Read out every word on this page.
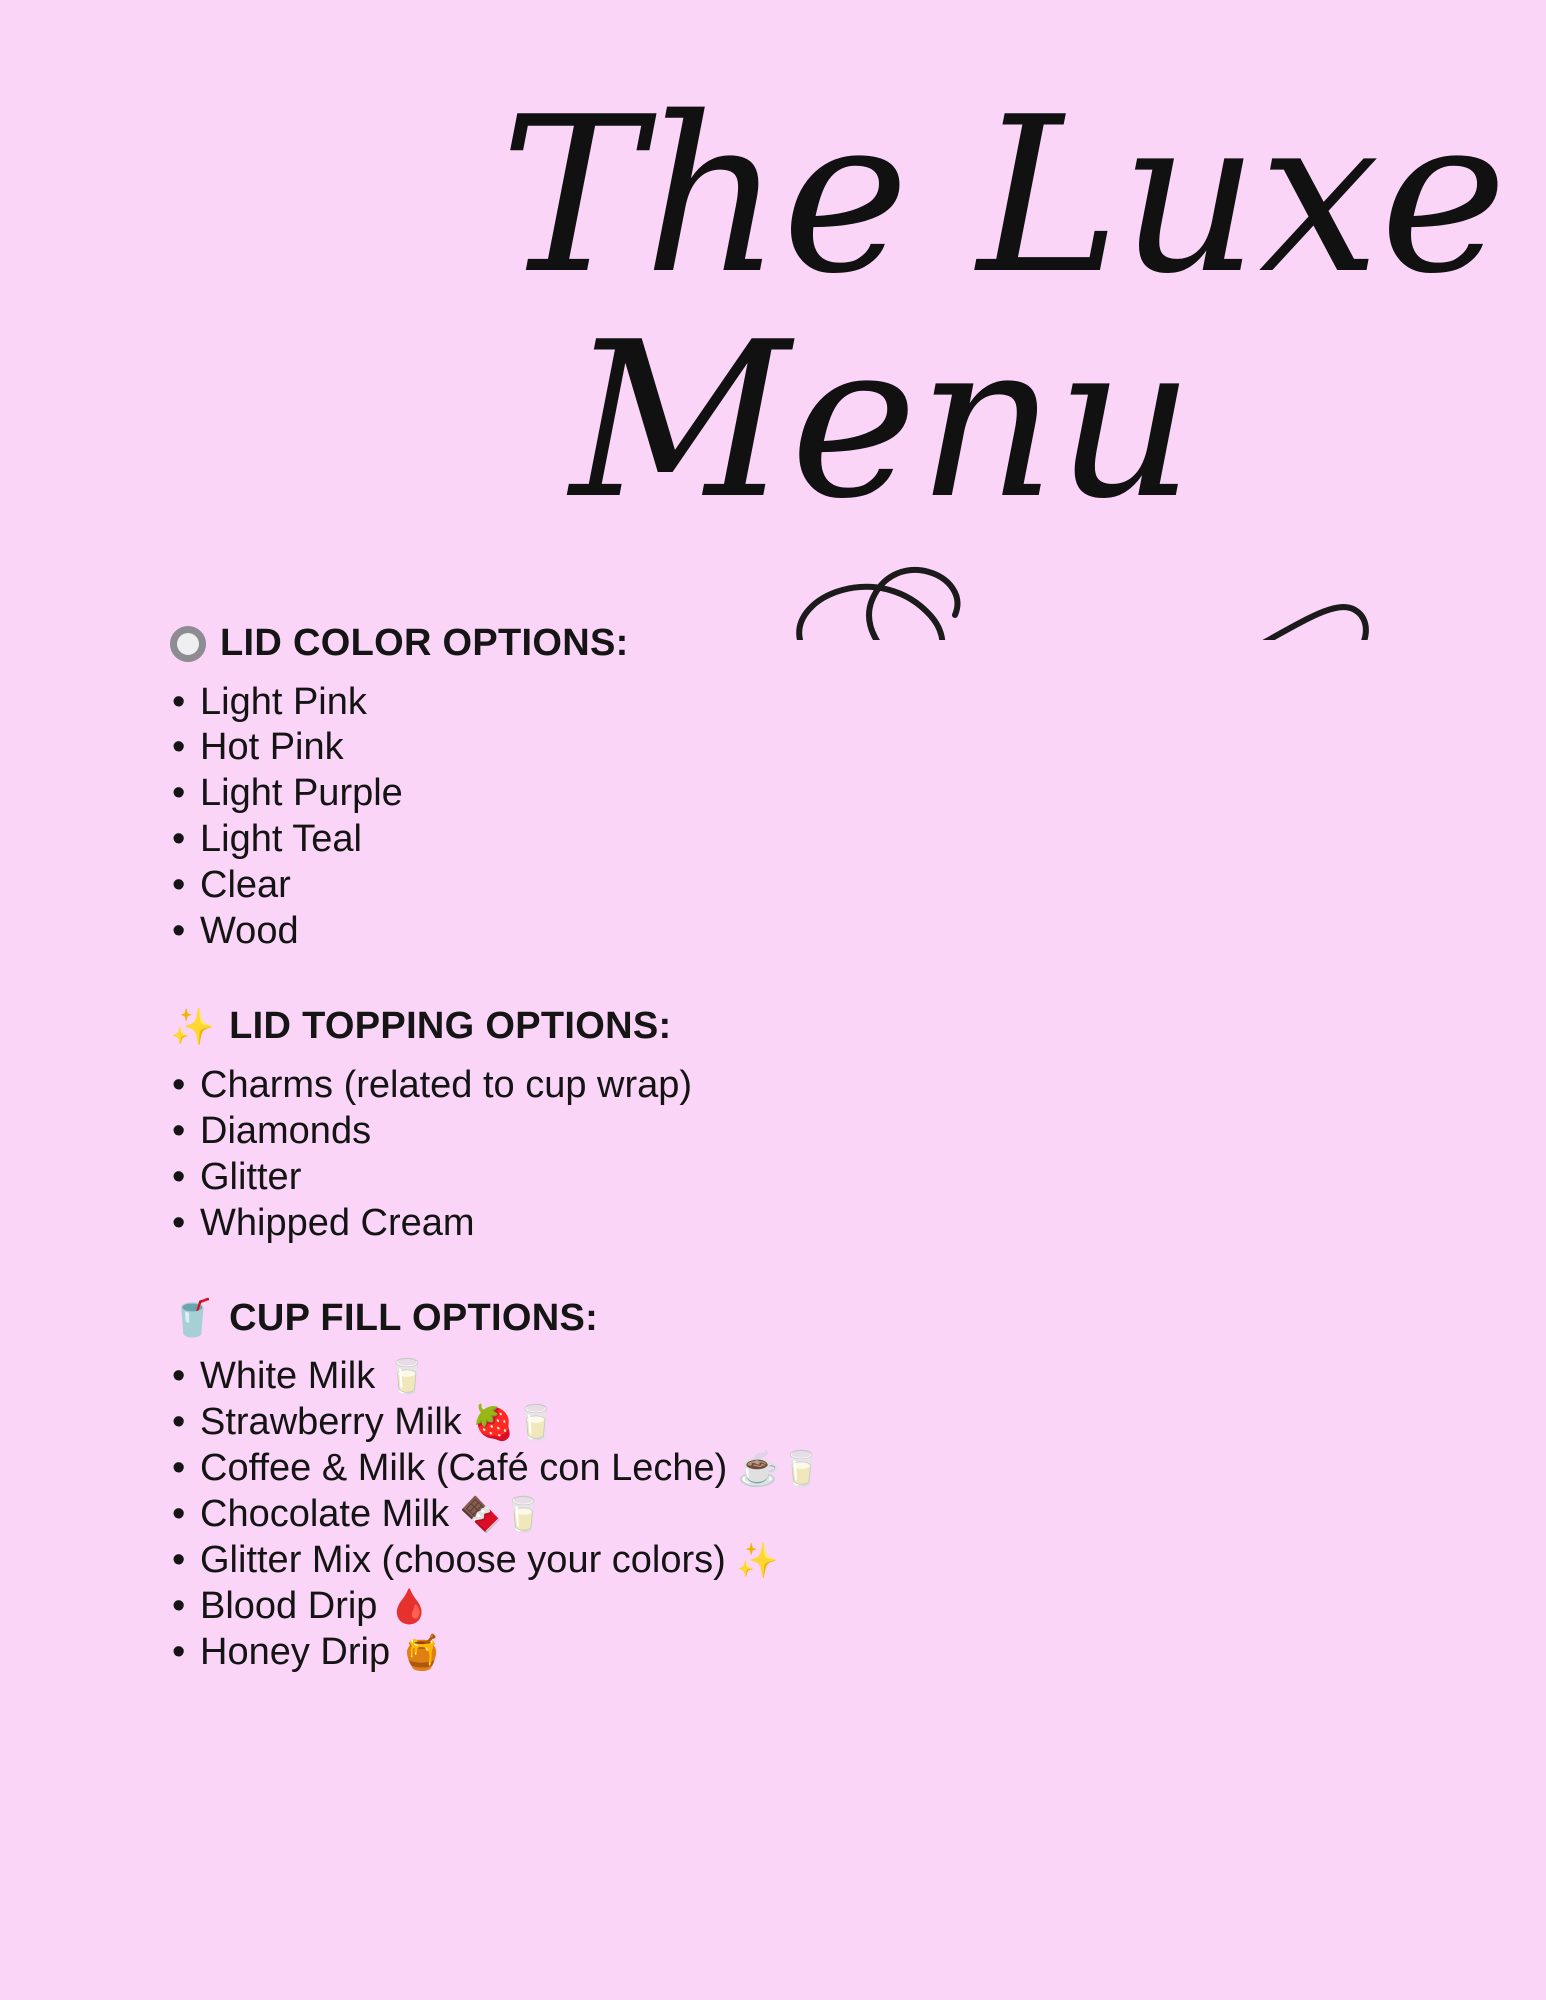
The Luxe
Menu
LID COLOR OPTIONS:
• Light Pink
• Hot Pink
• Light Purple
• Light Teal
• Clear
• Wood
✨ LID TOPPING OPTIONS:
• Charms (related to cup wrap)
• Diamonds
• Glitter
• Whipped Cream
🥤 CUP FILL OPTIONS:
• White Milk 🥛
• Strawberry Milk 🍓🥛
• Coffee & Milk (Café con Leche) ☕🥛
• Chocolate Milk 🍫🥛
• Glitter Mix (choose your colors) ✨
• Blood Drip 🩸
• Honey Drip 🍯
